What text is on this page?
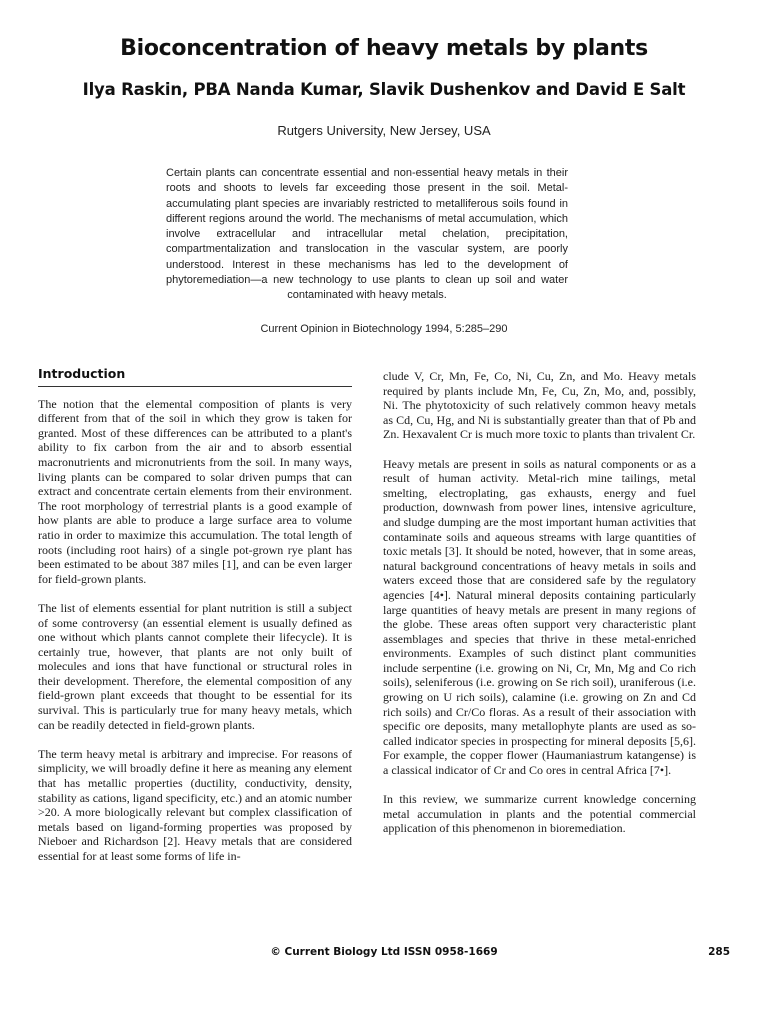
Bioconcentration of heavy metals by plants
Ilya Raskin, PBA Nanda Kumar, Slavik Dushenkov and David E Salt
Rutgers University, New Jersey, USA
Certain plants can concentrate essential and non-essential heavy metals in their roots and shoots to levels far exceeding those present in the soil. Metal-accumulating plant species are invariably restricted to metalliferous soils found in different regions around the world. The mechanisms of metal accumulation, which involve extracellular and intracellular metal chelation, precipitation, compartmentalization and translocation in the vascular system, are poorly understood. Interest in these mechanisms has led to the development of phytoremediation—a new technology to use plants to clean up soil and water contaminated with heavy metals.
Current Opinion in Biotechnology 1994, 5:285–290
Introduction

The notion that the elemental composition of plants is very different from that of the soil in which they grow is taken for granted. Most of these differences can be attributed to a plant's ability to fix carbon from the air and to absorb essential macronutrients and micronutrients from the soil. In many ways, living plants can be compared to solar driven pumps that can extract and concentrate certain elements from their environment. The root morphology of terrestrial plants is a good example of how plants are able to produce a large surface area to volume ratio in order to maximize this accumulation. The total length of roots (including root hairs) of a single pot-grown rye plant has been estimated to be about 387 miles [1], and can be even larger for field-grown plants.

The list of elements essential for plant nutrition is still a subject of some controversy (an essential element is usually defined as one without which plants cannot complete their lifecycle). It is certainly true, however, that plants are not only built of molecules and ions that have functional or structural roles in their development. Therefore, the elemental composition of any field-grown plant exceeds that thought to be essential for its survival. This is particularly true for many heavy metals, which can be readily detected in field-grown plants.

The term heavy metal is arbitrary and imprecise. For reasons of simplicity, we will broadly define it here as meaning any element that has metallic properties (ductility, conductivity, density, stability as cations, ligand specificity, etc.) and an atomic number >20. A more biologically relevant but complex classification of metals based on ligand-forming properties was proposed by Nieboer and Richardson [2]. Heavy metals that are considered essential for at least some forms of life in-

clude V, Cr, Mn, Fe, Co, Ni, Cu, Zn, and Mo. Heavy metals required by plants include Mn, Fe, Cu, Zn, Mo, and, possibly, Ni. The phytotoxicity of such relatively common heavy metals as Cd, Cu, Hg, and Ni is substantially greater than that of Pb and Zn. Hexavalent Cr is much more toxic to plants than trivalent Cr.

Heavy metals are present in soils as natural components or as a result of human activity. Metal-rich mine tailings, metal smelting, electroplating, gas exhausts, energy and fuel production, downwash from power lines, intensive agriculture, and sludge dumping are the most important human activities that contaminate soils and aqueous streams with large quantities of toxic metals [3]. It should be noted, however, that in some areas, natural background concentrations of heavy metals in soils and waters exceed those that are considered safe by the regulatory agencies [4•]. Natural mineral deposits containing particularly large quantities of heavy metals are present in many regions of the globe. These areas often support very characteristic plant assemblages and species that thrive in these metal-enriched environments. Examples of such distinct plant communities include serpentine (i.e. growing on Ni, Cr, Mn, Mg and Co rich soils), seleniferous (i.e. growing on Se rich soil), uraniferous (i.e. growing on U rich soils), calamine (i.e. growing on Zn and Cd rich soils) and Cr/Co floras. As a result of their association with specific ore deposits, many metallophyte plants are used as so-called indicator species in prospecting for mineral deposits [5,6]. For example, the copper flower (Haumaniastrum katangense) is a classical indicator of Cr and Co ores in central Africa [7•].

In this review, we summarize current knowledge concerning metal accumulation in plants and the potential commercial application of this phenomenon in bioremediation.

© Current Biology Ltd ISSN 0958-1669	285
